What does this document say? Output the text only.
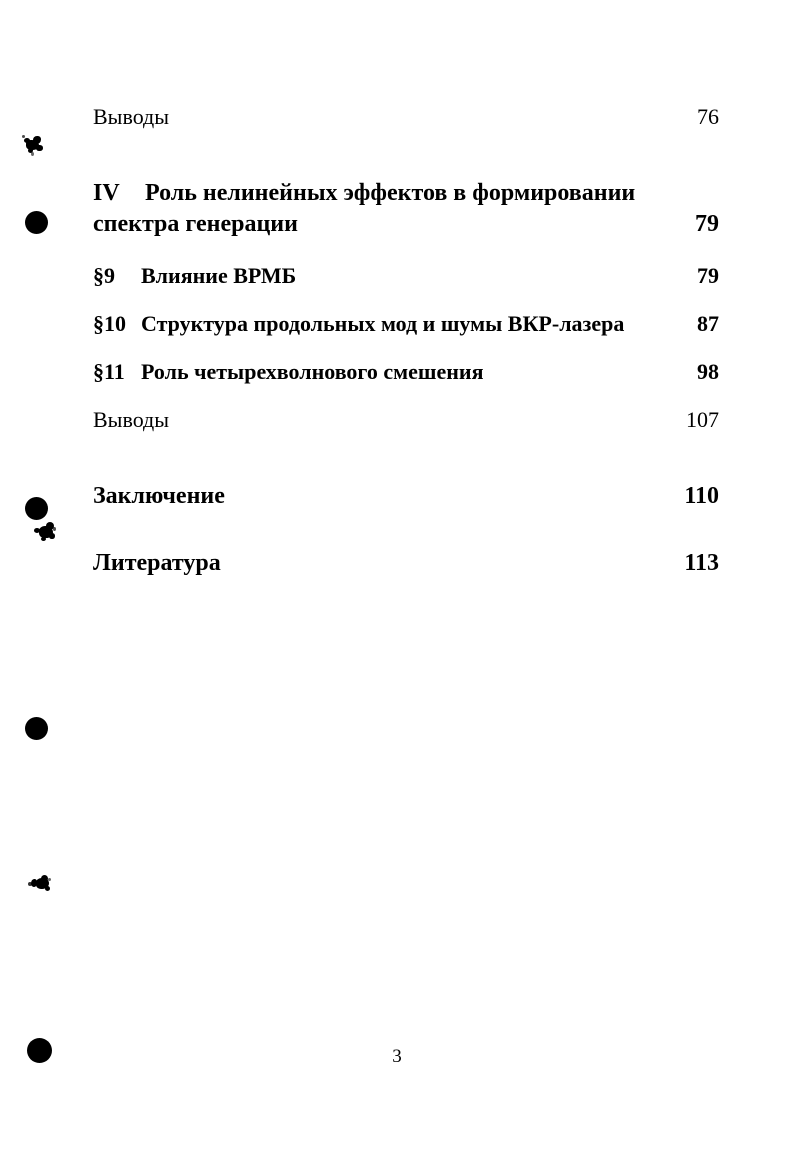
Выводы	76
IV Роль нелинейных эффектов в формировании
спектра генерации	79
§9 Влияние ВРМБ	79
§10 Структура продольных мод и шумы ВКР-лазера	87
§11 Роль четырехволнового смешения	98
Выводы	107
Заключение	110
Литература	113
3
